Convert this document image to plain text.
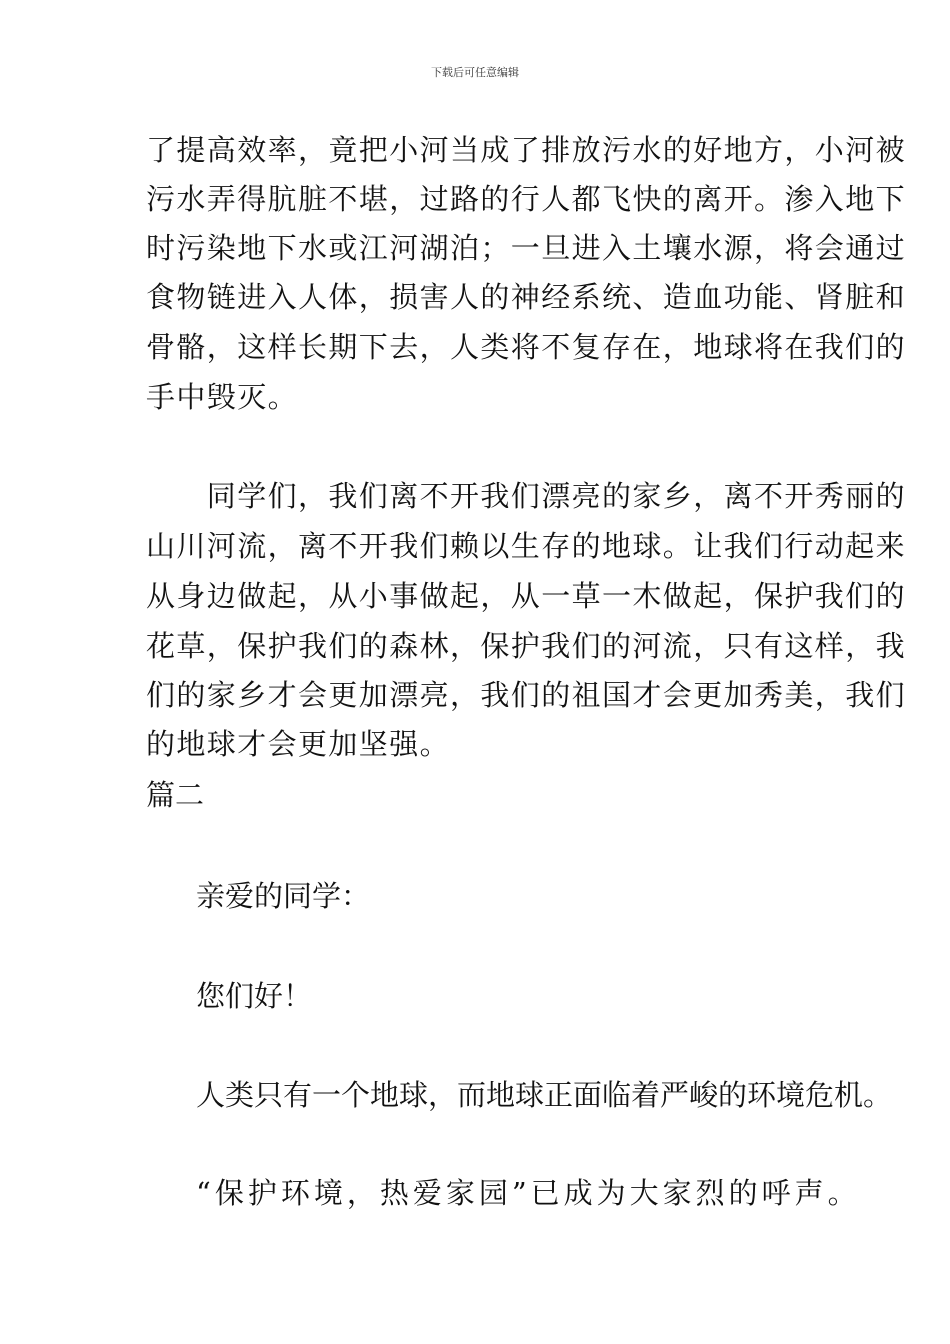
下载后可任意编辑
了提高效率，竟把小河当成了排放污水的好地方，小河被
污水弄得肮脏不堪，过路的行人都飞快的离开。渗入地下
时污染地下水或江河湖泊；一旦进入土壤水源，将会通过
食物链进入人体，损害人的神经系统、造血功能、肾脏和
骨骼，这样长期下去，人类将不复存在，地球将在我们的
手中毁灭。
　　同学们，我们离不开我们漂亮的家乡，离不开秀丽的
山川河流，离不开我们赖以生存的地球。让我们行动起来
从身边做起，从小事做起，从一草一木做起，保护我们的
花草，保护我们的森林，保护我们的河流，只有这样，我
们的家乡才会更加漂亮，我们的祖国才会更加秀美，我们
的地球才会更加坚强。
篇二
亲爱的同学：
您们好！
人类只有一个地球，而地球正面临着严峻的环境危机。
“保护环境，热爱家园”已成为大家烈的呼声。
